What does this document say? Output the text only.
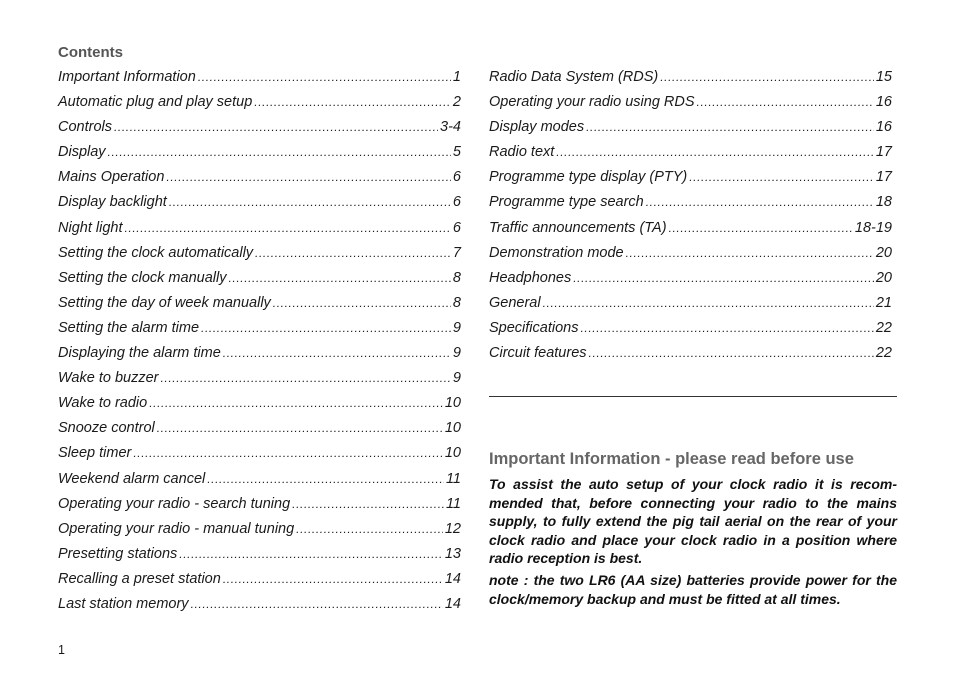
Contents
Important Information .....	1
Automatic plug and play setup .....	2
Controls .....	3-4
Display .....	5
Mains Operation .....	6
Display backlight .....	6
Night light .....	6
Setting the clock automatically .....	7
Setting the clock manually .....	8
Setting the day of week manually .....	8
Setting the alarm time .....	9
Displaying the alarm time .....	9
Wake to buzzer .....	9
Wake to radio .....	10
Snooze control .....	10
Sleep timer .....	10
Weekend alarm cancel .....	11
Operating your radio - search tuning .....	11
Operating your radio - manual tuning .....	12
Presetting stations .....	13
Recalling a preset station .....	14
Last station memory .....	14
Radio Data System (RDS) .....	15
Operating your radio using RDS .....	16
Display modes .....	16
Radio text .....	17
Programme type display (PTY) .....	17
Programme type search .....	18
Traffic announcements (TA) .....	18-19
Demonstration mode .....	20
Headphones .....	20
General .....	21
Specifications .....	22
Circuit features .....	22
Important Information - please read before use
To assist the auto setup of your clock radio it is recom-mended that, before connecting your radio to the mains supply, to fully extend the pig tail aerial on the rear of your clock radio and place your clock radio in a position where radio reception is best.
note : the two LR6 (AA size) batteries provide power for the clock/memory backup and must be fitted at all times.
1
